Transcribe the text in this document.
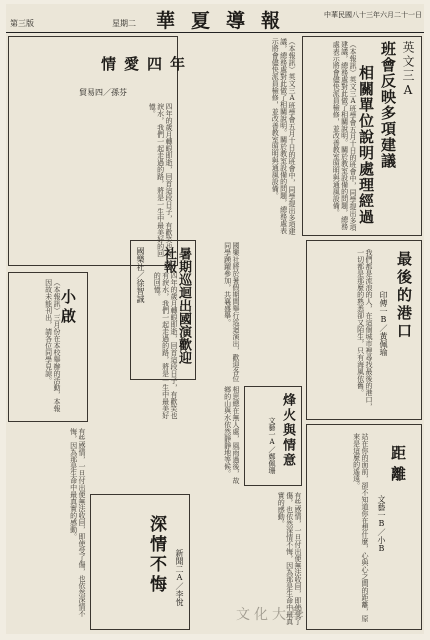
華夏導報	中華民國八十三年六月二十一日
第三版	星期二
英文三A
班會反映多項建議
相關單位說明處理經過
（本報訊）英文三A班學會五月十日的班會中，同學提出多項建議，總務處對此做了相關說明。關於教室設備的問題，總務處表示將會儘快派員檢修，並改善教室照明與通風設備。
（本報訊）英文三A班學會五月十日的班會中，同學提出多項建議，總務處對此做了相關說明。關於教室設備的問題，總務處表示將會儘快派員檢修，並改善教室照明與通風設備。
情愛四年
貿易四／孫芬
四年的歲月轉眼即逝，回首這段日子，有歡笑也有淚水，我們一起走過的路，將是一生中最美好的回憶。
小啟
（本報訊）三月份在本校舉辦的活動，本報因故未能刊出，請各位同學見諒。	四年的歲月轉眼即逝，回首這段日子，有歡笑也有淚水，我們一起走過的路，將是一生中最美好的回憶。	暑期巡迴出國演歡迎社報
國樂社／徐智誠	國樂社將於暑假期間舉行巡迴演出，歡迎各位同學踴躍參加，共襄盛舉。	最後的港口
印傳一B／黃佩瑜
我們都是流浪的人，在這個城市裡尋找最後的港口，一切都是那麼的熟悉卻又陌生，只有海風依舊。
烽火與情意
文藝一A／鄭佩珊
相思總在無人處，風雨過後，故鄉的山與水依然靜靜地等候。	距離
文藝一B／小B
站在你的面前，卻不知道你在想什麼，心與心之間的距離，原來是這麼的遙遠。
深情不悔	新聞二A／李悅
有些感情，一旦付出便無法收回，即使受了傷，也依然深情不悔，因為那是生命中最真實的感動。
有些感情，一旦付出便無法收回，即使受了傷，也依然深情不悔，因為那是生命中最真實的感動。
文化大學
